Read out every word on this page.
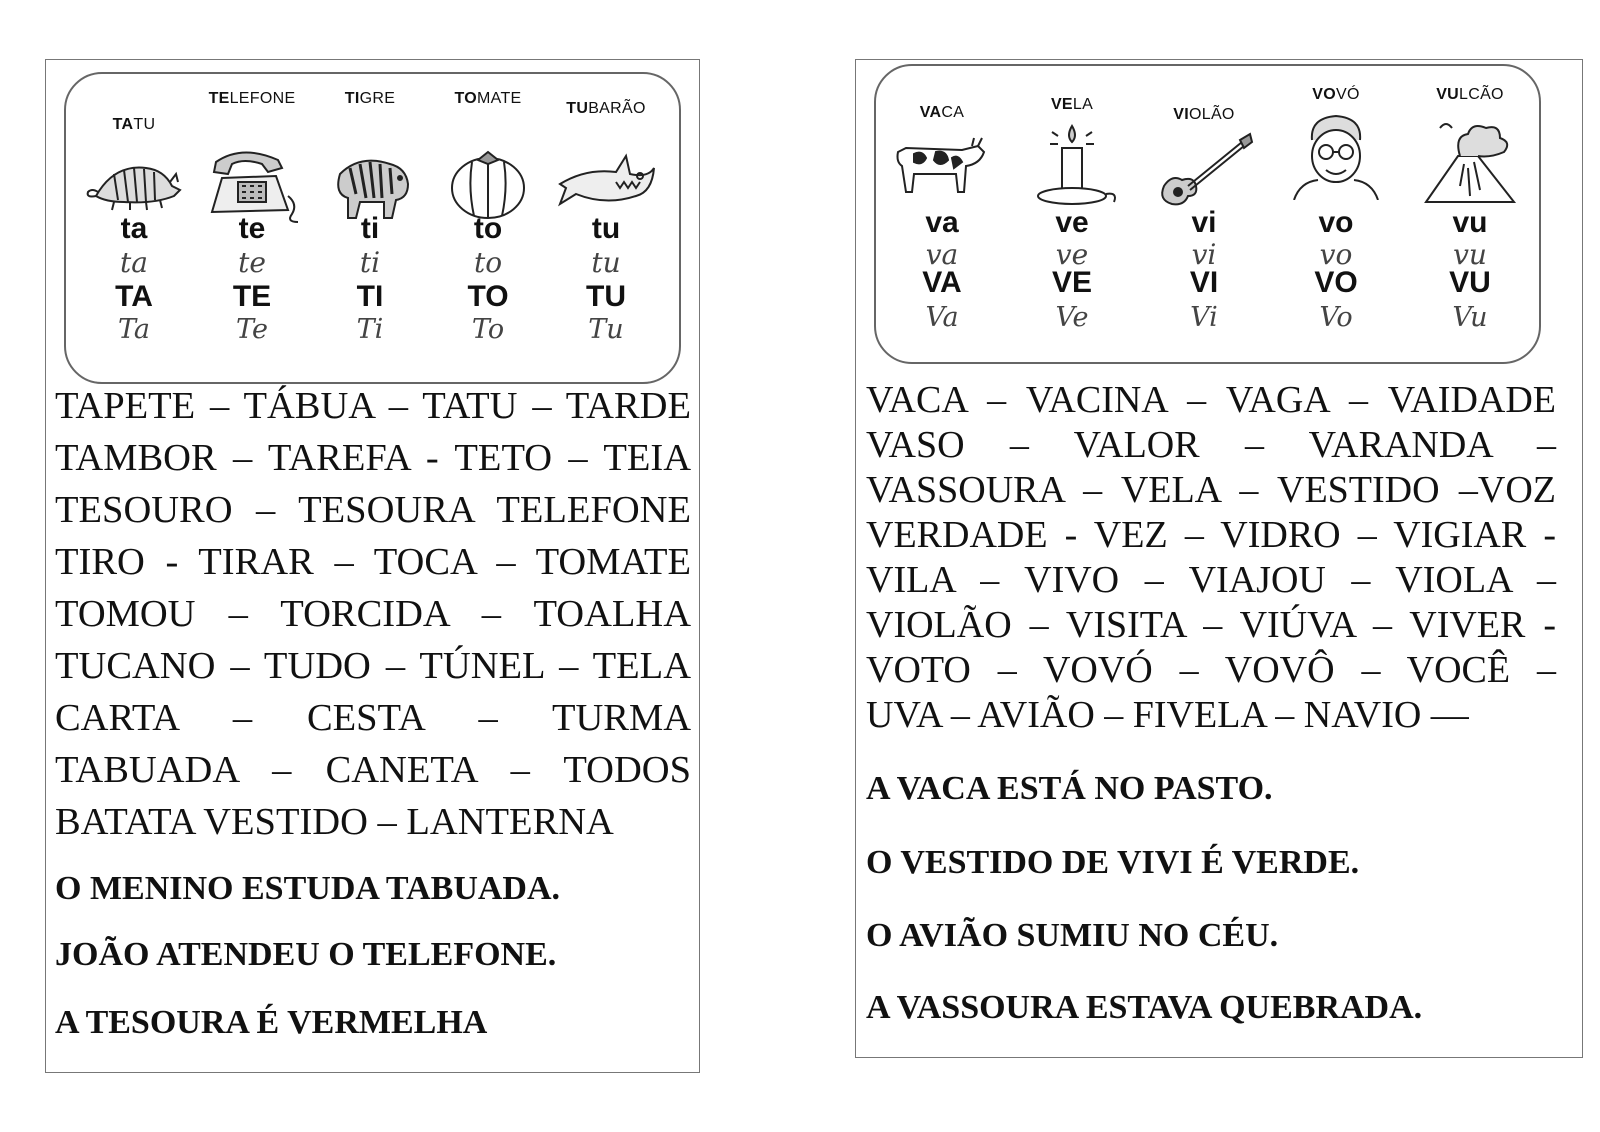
TATU
ta
ta
TA
Ta
TELEFONE
te
te
TE
Te
TIGRE
ti
ti
TI
Ti
TOMATE
to
to
TO
To
TUBARÃO
tu
tu
TU
Tu
TAPETE – TÁBUA – TATU – TARDE
TAMBOR – TAREFA - TETO – TEIA
TESOURO – TESOURA TELEFONE
TIRO - TIRAR – TOCA – TOMATE
TOMOU – TORCIDA – TOALHA
TUCANO – TUDO – TÚNEL – TELA
CARTA – CESTA – TURMA
TABUADA – CANETA – TODOS
BATATA VESTIDO – LANTERNA
O MENINO ESTUDA TABUADA.
JOÃO ATENDEU O TELEFONE.
A TESOURA É VERMELHA
VACA
va
va
VA
Va
VELA
ve
ve
VE
Ve
VIOLÃO
vi
vi
VI
Vi
VOVÓ
vo
vo
VO
Vo
VULCÃO
vu
vu
VU
Vu
VACA – VACINA – VAGA – VAIDADE
VASO – VALOR – VARANDA –
VASSOURA – VELA – VESTIDO –VOZ
VERDADE - VEZ – VIDRO – VIGIAR -
VILA – VIVO – VIAJOU – VIOLA –
VIOLÃO – VISITA – VIÚVA – VIVER -
VOTO – VOVÓ – VOVÔ – VOCÊ –
UVA – AVIÃO – FIVELA – NAVIO —
A VACA ESTÁ NO PASTO.
O VESTIDO DE VIVI É VERDE.
O AVIÃO SUMIU NO CÉU.
A VASSOURA ESTAVA QUEBRADA.
